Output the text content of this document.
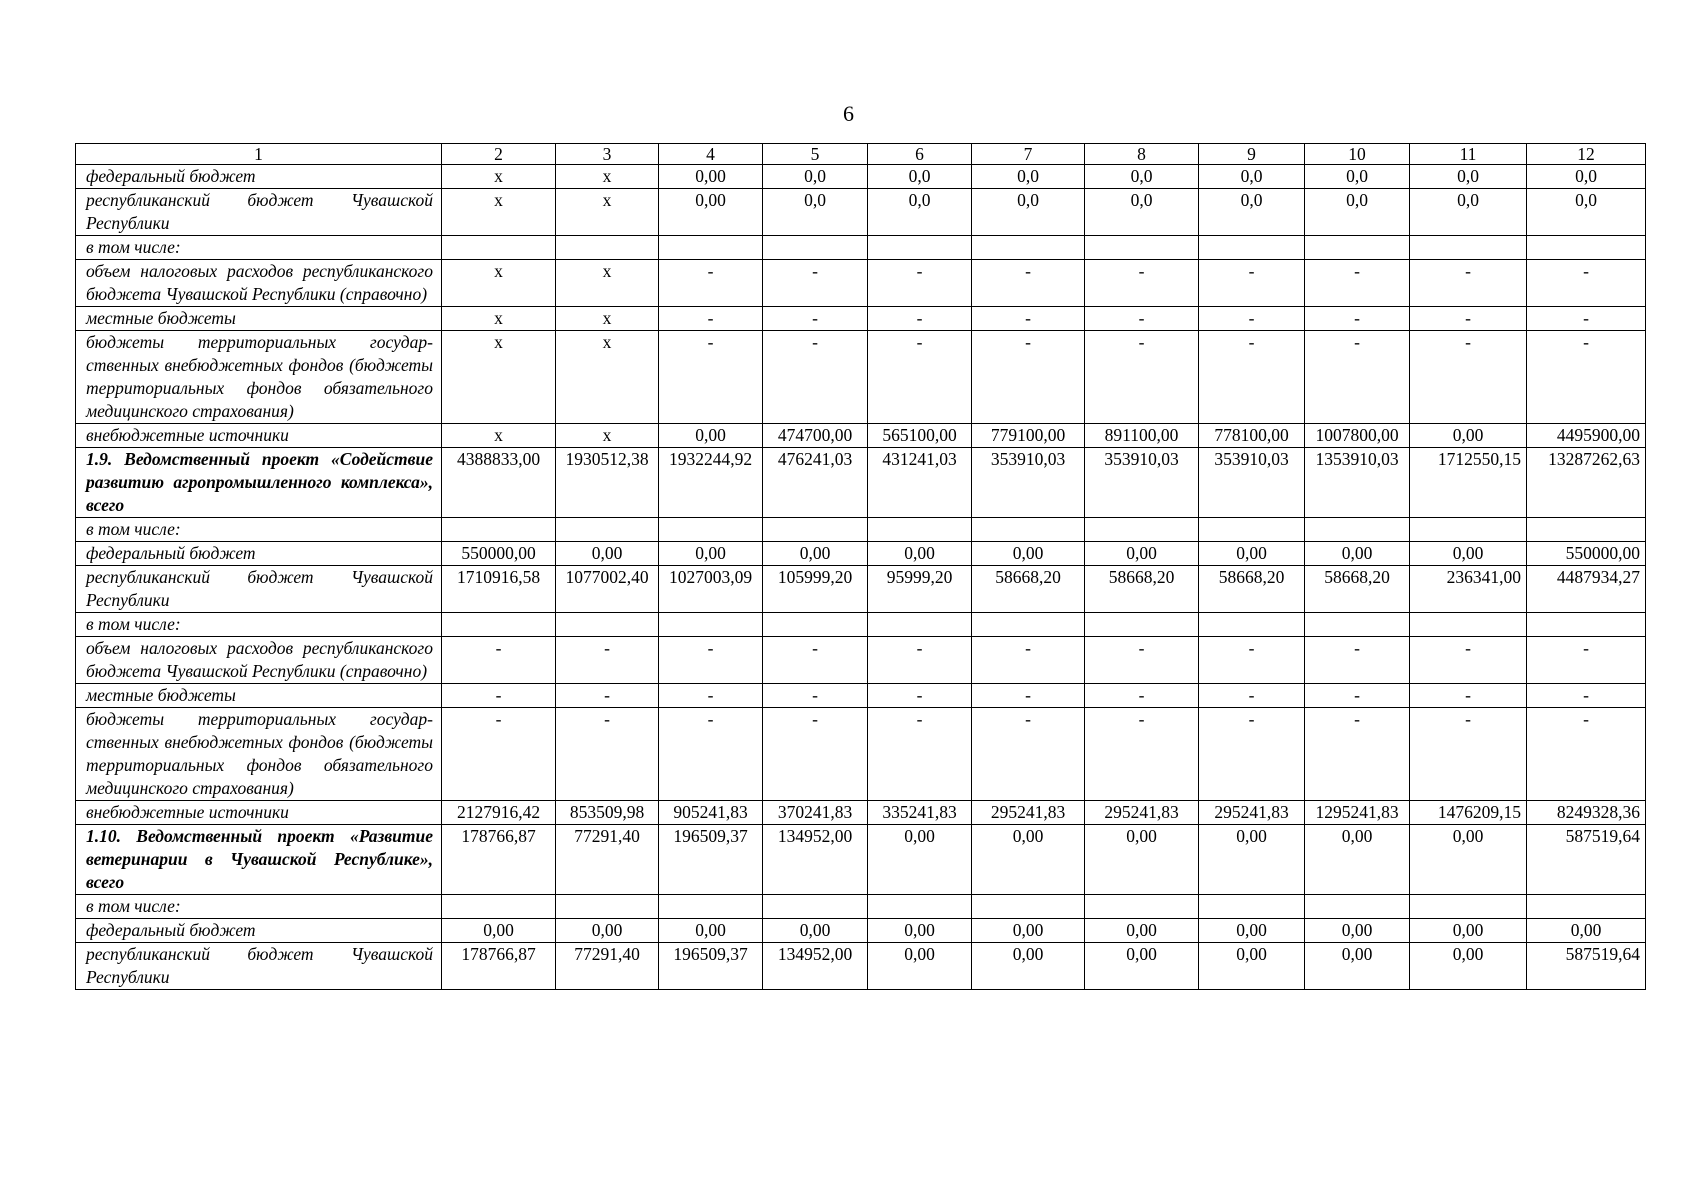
6
1	2	3	4	5	6	7	8	9	10	11	12
федеральный бюджет	х	х	0,00	0,0	0,0	0,0	0,0	0,0	0,0	0,0	0,0
республиканский бюджет Чувашской Республики	х	х	0,00	0,0	0,0	0,0	0,0	0,0	0,0	0,0	0,0
в том числе:											
объем налоговых расходов республиканского бюджета Чувашской Республики (справочно)	х	х	-	-	-	-	-	-	-	-	-
местные бюджеты	х	х	-	-	-	-	-	-	-	-	-
бюджеты территориальных государственных внебюджетных фондов (бюджеты территориальных фондов обязательного медицинского страхования)	х	х	-	-	-	-	-	-	-	-	-
внебюджетные источники	х	х	0,00	474700,00	565100,00	779100,00	891100,00	778100,00	1007800,00	0,00	4495900,00
1.9. Ведомственный проект «Содействие развитию агропромышленного комплекса», всего	4388833,00	1930512,38	1932244,92	476241,03	431241,03	353910,03	353910,03	353910,03	1353910,03	1712550,15	13287262,63
в том числе:											
федеральный бюджет	550000,00	0,00	0,00	0,00	0,00	0,00	0,00	0,00	0,00	0,00	550000,00
республиканский бюджет Чувашской Республики	1710916,58	1077002,40	1027003,09	105999,20	95999,20	58668,20	58668,20	58668,20	58668,20	236341,00	4487934,27
в том числе:											
объем налоговых расходов республиканского бюджета Чувашской Республики (справочно)	-	-	-	-	-	-	-	-	-	-	-
местные бюджеты	-	-	-	-	-	-	-	-	-	-	-
бюджеты территориальных государственных внебюджетных фондов (бюджеты территориальных фондов обязательного медицинского страхования)	-	-	-	-	-	-	-	-	-	-	-
внебюджетные источники	2127916,42	853509,98	905241,83	370241,83	335241,83	295241,83	295241,83	295241,83	1295241,83	1476209,15	8249328,36
1.10. Ведомственный проект «Развитие ветеринарии в Чувашской Республике», всего	178766,87	77291,40	196509,37	134952,00	0,00	0,00	0,00	0,00	0,00	0,00	587519,64
в том числе:											
федеральный бюджет	0,00	0,00	0,00	0,00	0,00	0,00	0,00	0,00	0,00	0,00	0,00
республиканский бюджет Чувашской Республики	178766,87	77291,40	196509,37	134952,00	0,00	0,00	0,00	0,00	0,00	0,00	587519,64
